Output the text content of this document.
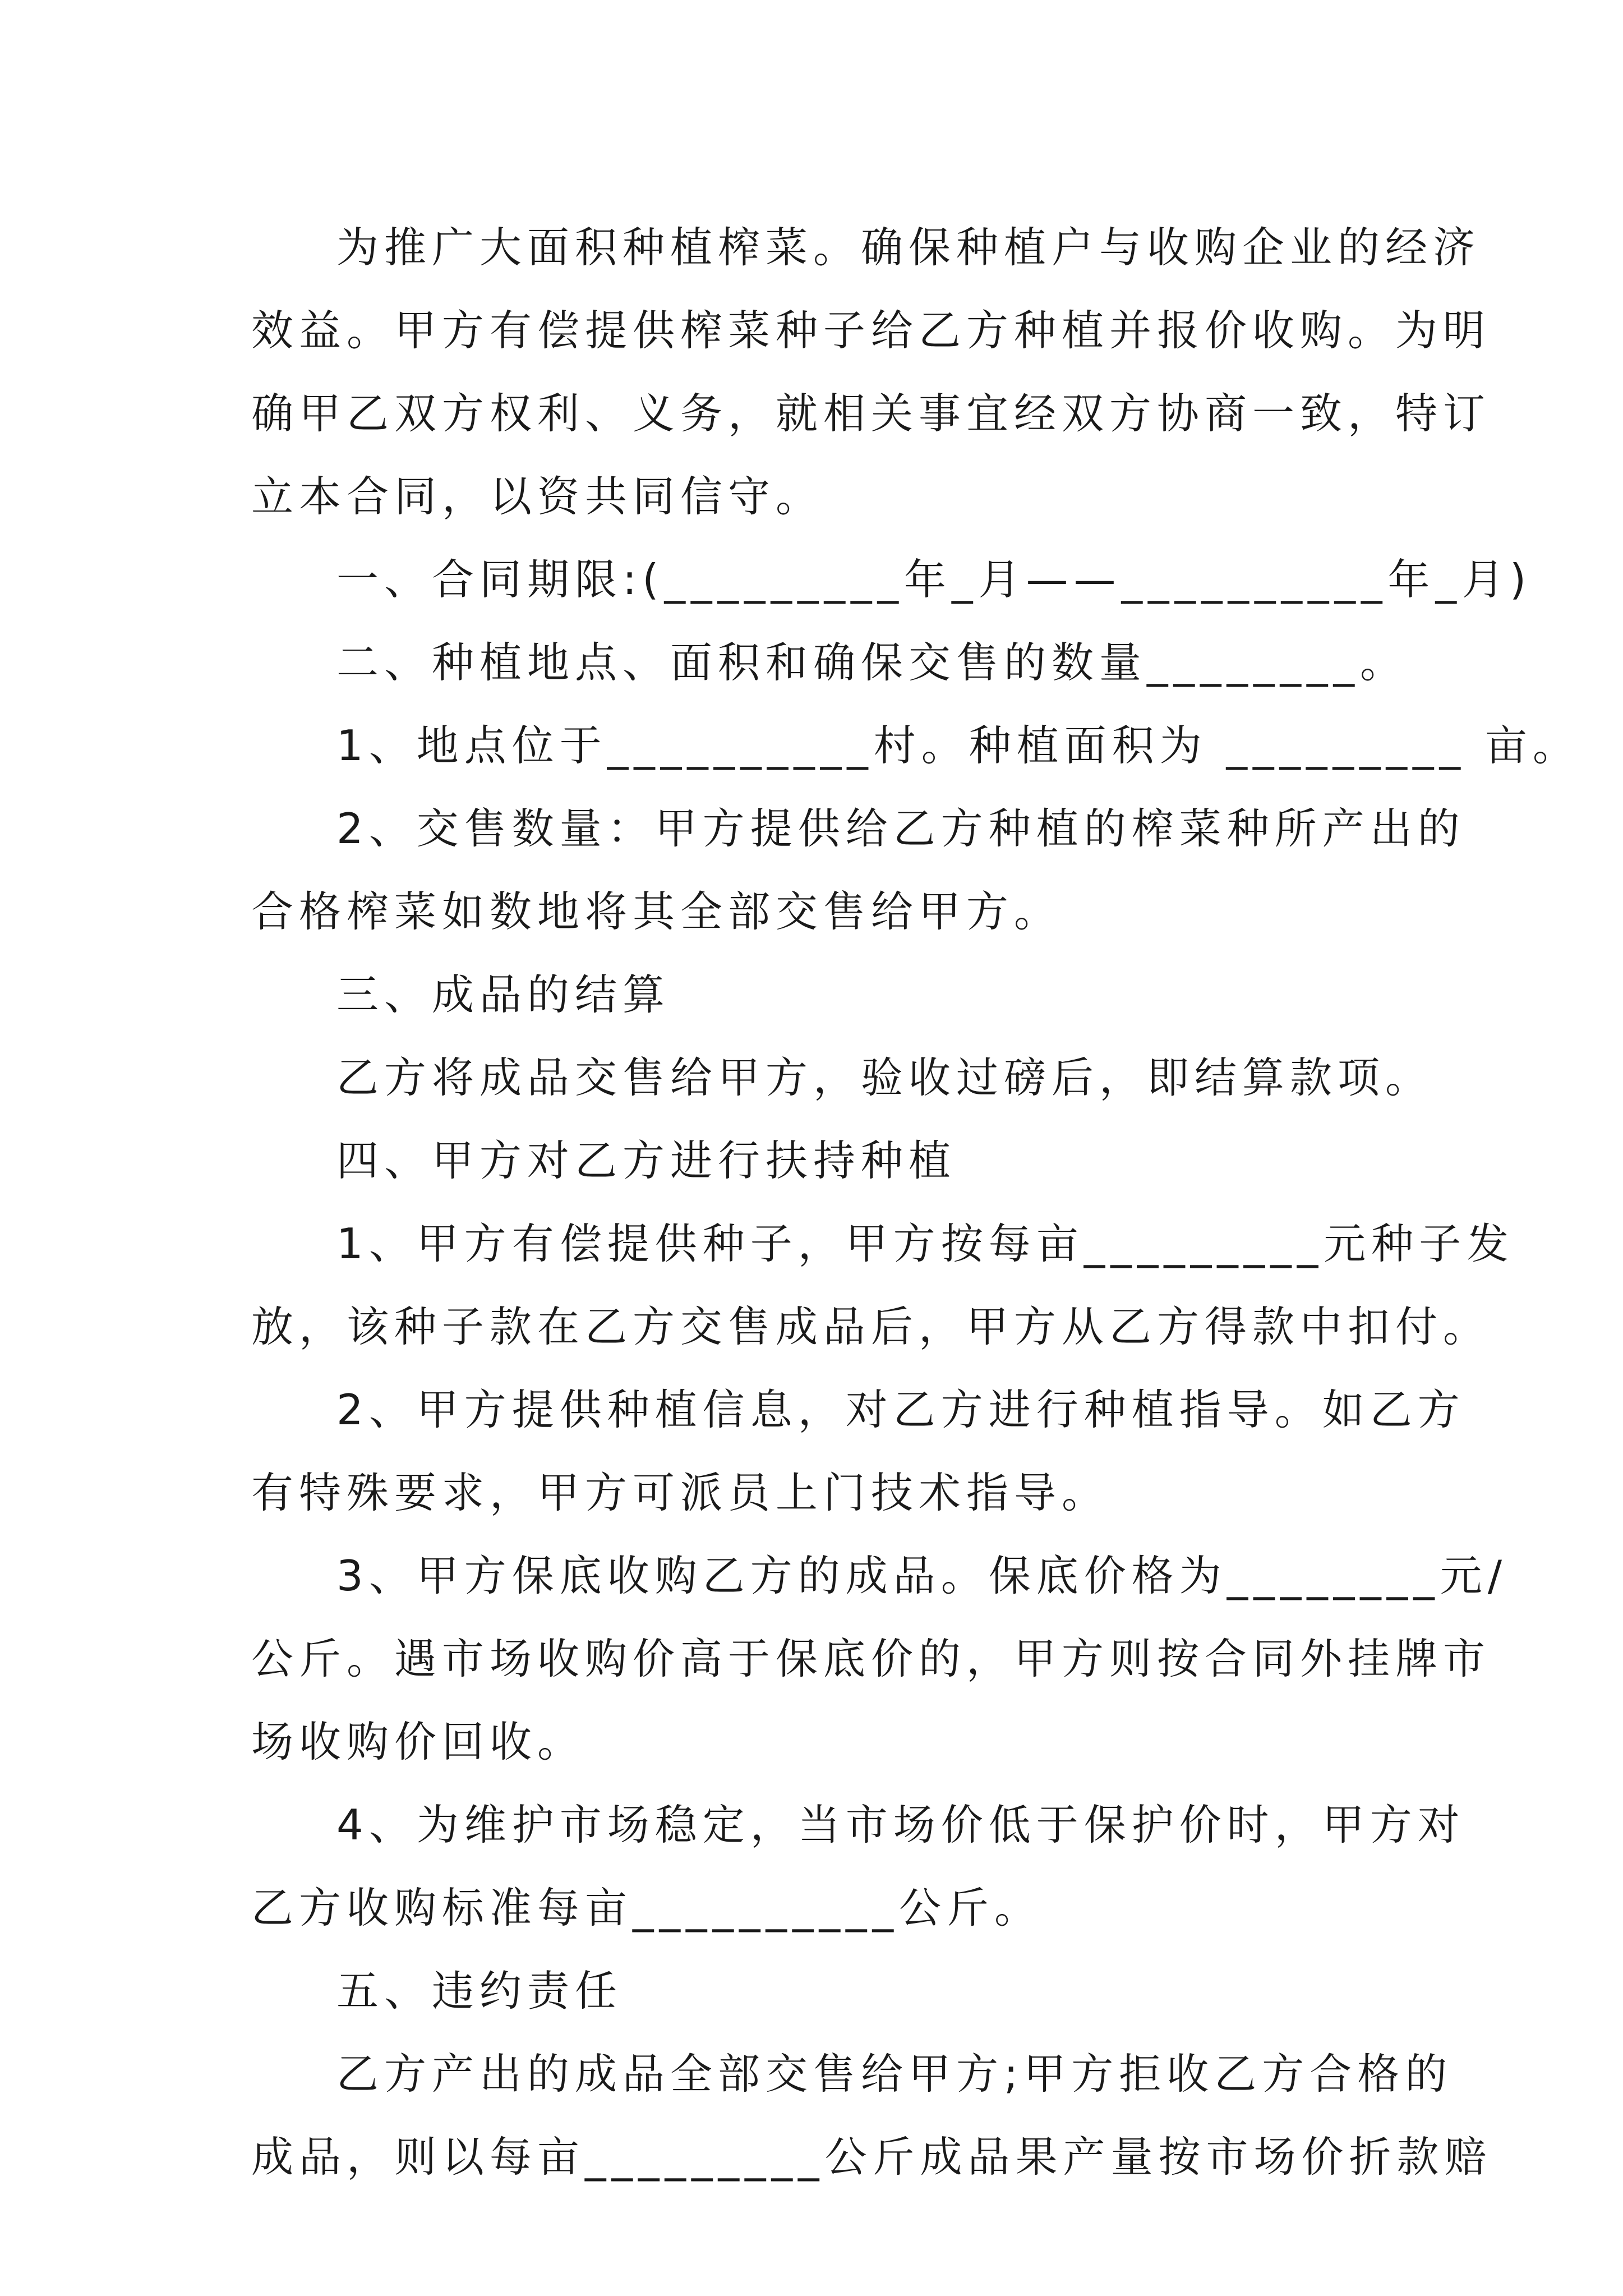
为推广大面积种植榨菜。确保种植户与收购企业的经济
效益。甲方有偿提供榨菜种子给乙方种植并报价收购。为明
确甲乙双方权利、义务，就相关事宜经双方协商一致，特订
立本合同，以资共同信守。
一、合同期限:(_________年_月——__________年_月)
二、种植地点、面积和确保交售的数量________。
1、地点位于__________村。种植面积为 _________ 亩。
2、交售数量：甲方提供给乙方种植的榨菜种所产出的
合格榨菜如数地将其全部交售给甲方。
三、成品的结算
乙方将成品交售给甲方，验收过磅后，即结算款项。
四、甲方对乙方进行扶持种植
1、甲方有偿提供种子，甲方按每亩_________元种子发
放，该种子款在乙方交售成品后，甲方从乙方得款中扣付。
2、甲方提供种植信息，对乙方进行种植指导。如乙方
有特殊要求，甲方可派员上门技术指导。
3、甲方保底收购乙方的成品。保底价格为________元/
公斤。遇市场收购价高于保底价的，甲方则按合同外挂牌市
场收购价回收。
4、为维护市场稳定，当市场价低于保护价时，甲方对
乙方收购标准每亩__________公斤。
五、违约责任
乙方产出的成品全部交售给甲方;甲方拒收乙方合格的
成品，则以每亩_________公斤成品果产量按市场价折款赔
